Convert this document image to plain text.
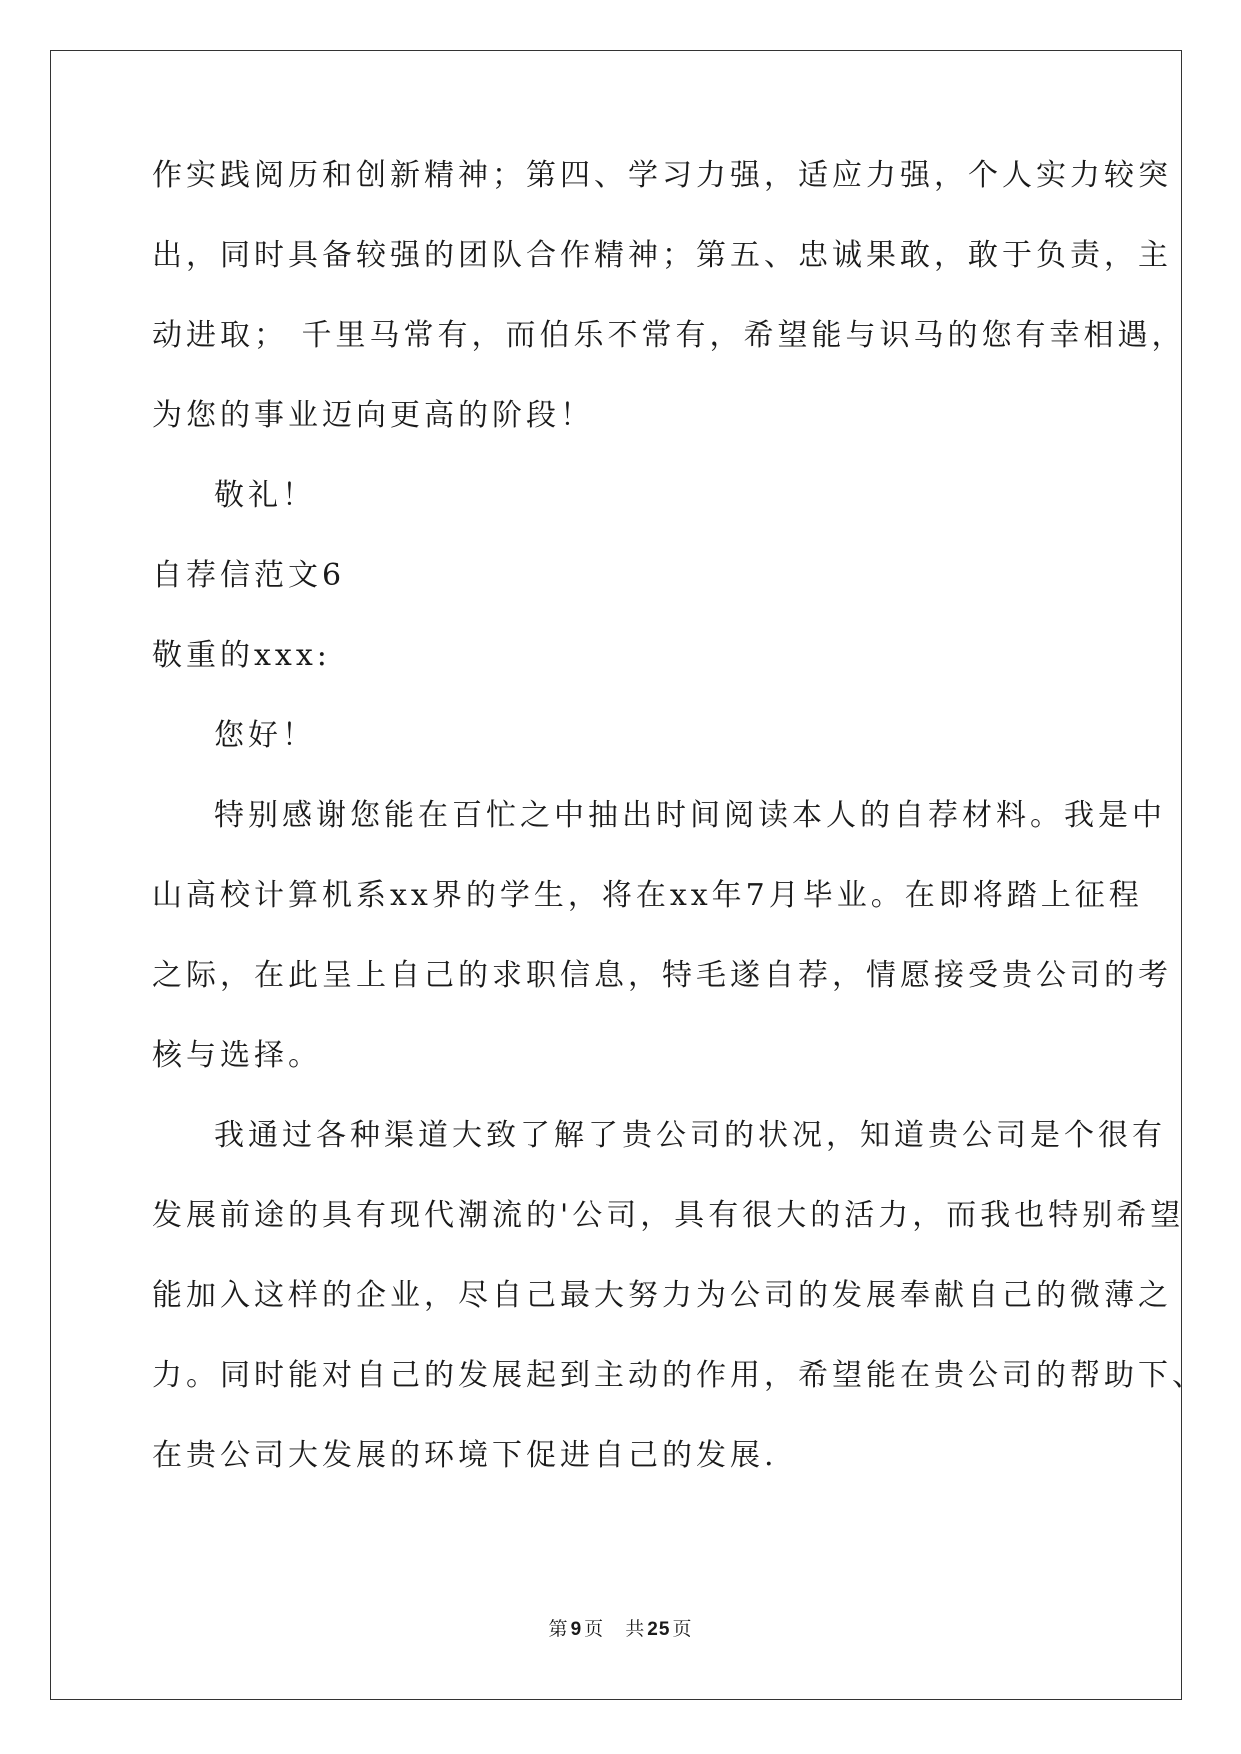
作实践阅历和创新精神；第四、学习力强，适应力强，个人实力较突
出，同时具备较强的团队合作精神；第五、忠诚果敢，敢于负责，主
动进取； 千里马常有，而伯乐不常有，希望能与识马的您有幸相遇，
为您的事业迈向更高的阶段！
敬礼！
自荐信范文6
敬重的xxx:
您好！
特别感谢您能在百忙之中抽出时间阅读本人的自荐材料。我是中
山高校计算机系xx界的学生，将在xx年7月毕业。在即将踏上征程
之际，在此呈上自己的求职信息，特毛遂自荐，情愿接受贵公司的考
核与选择。
我通过各种渠道大致了解了贵公司的状况，知道贵公司是个很有
发展前途的具有现代潮流的'公司，具有很大的活力，而我也特别希望
能加入这样的企业，尽自己最大努力为公司的发展奉献自己的微薄之
力。同时能对自己的发展起到主动的作用，希望能在贵公司的帮助下、
在贵公司大发展的环境下促进自己的发展.
第 9 页 共 25 页
